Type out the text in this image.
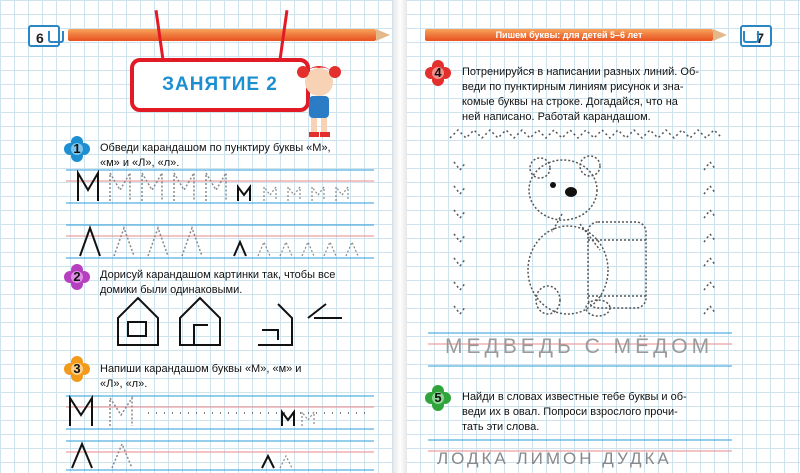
Пишем буквы: для детей 5–6 лет
6	7
ЗАНЯТИЕ 2
1	Обведи карандашом по пунктиру буквы «М»,
«м» и «Л», «л».
2	Дорисуй карандашом картинки так, чтобы все
домики были одинаковыми.
3	Напиши карандашом буквы «М», «м» и
«Л», «л».
4	Потренируйся в написании разных линий. Об-
веди по пунктирным линиям рисунок и зна-
комые буквы на строке. Догадайся, что на
ней написано. Работай карандашом.
5	Найди в словах известные тебе буквы и об-
веди их в овал. Попроси взрослого прочи-
тать эти слова.
МЕДВЕДЬ С МЁДОМ
ЛОДКА ЛИМОН ДУДКА
